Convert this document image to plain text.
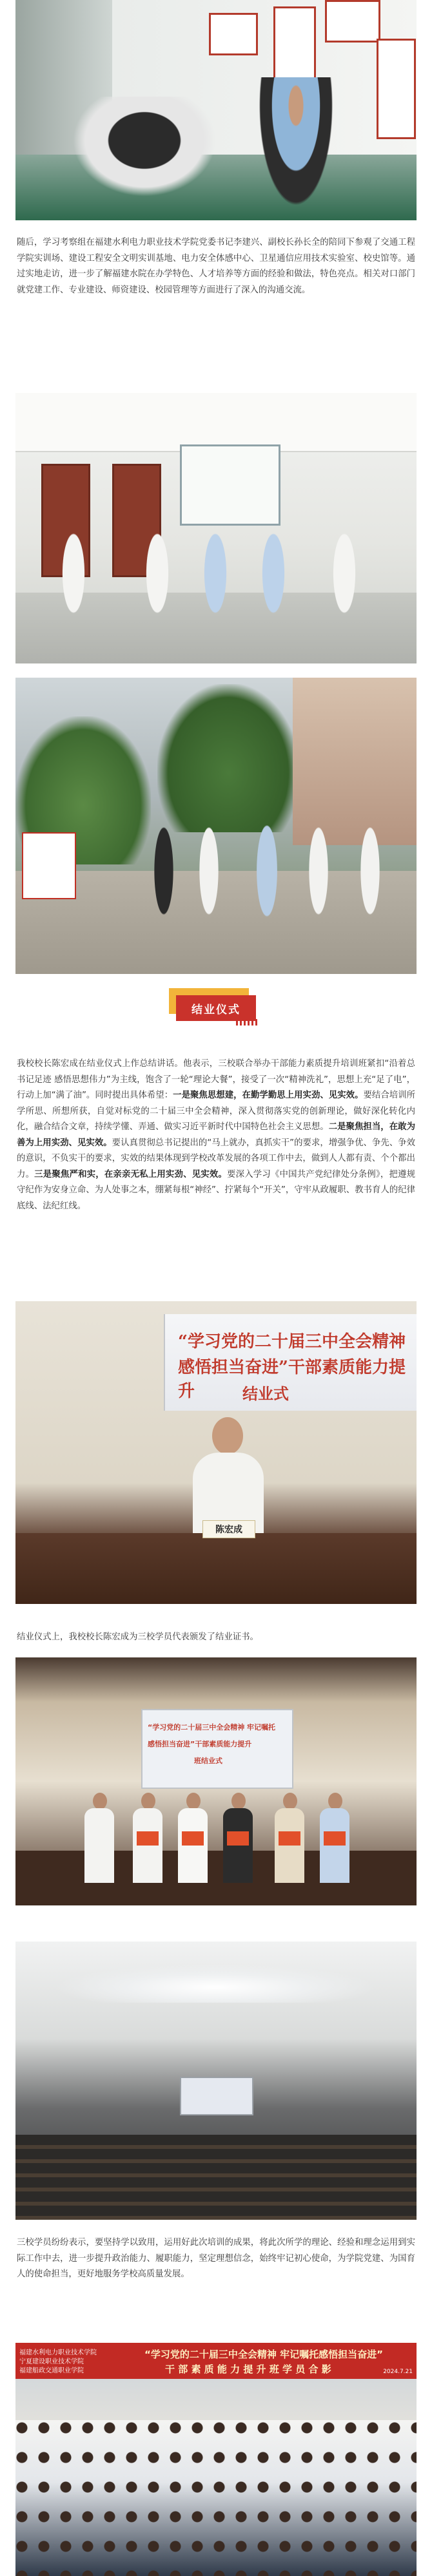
随后，学习考察组在福建水利电力职业技术学院党委书记李建兴、副校长孙长全的陪同下参观了交通工程学院实训场、建设工程安全文明实训基地、电力安全体感中心、卫星通信应用技术实验室、校史馆等。通过实地走访，进一步了解福建水院在办学特色、人才培养等方面的经验和做法，特色亮点。相关对口部门就党建工作、专业建设、师资建设、校园管理等方面进行了深入的沟通交流。

结业仪式

我校校长陈宏成在结业仪式上作总结讲话。他表示，三校联合举办干部能力素质提升培训班紧扣“沿着总书记足迹 感悟思想伟力”为主线，饱含了一轮“理论大餐”，接受了一次“精神洗礼”，思想上充“足了电”，行动上加“满了油”。同时提出具体希望：一是聚焦思想建，在勤学勤思上用实劲、见实效。要结合培训所学所思、所想所获，自觉对标党的二十届三中全会精神，深入贯彻落实党的创新理论，做好深化转化内化，融合结合文章，持续学懂、弄通、做实习近平新时代中国特色社会主义思想。二是聚焦担当，在敢为善为上用实劲、见实效。要认真贯彻总书记提出的“马上就办，真抓实干”的要求，增强争优、争先、争效的意识，不负实干的要求，实效的结果体现到学校改革发展的各项工作中去，做到人人都有责、个个都出力。三是聚焦严和实，在亲亲无私上用实劲、见实效。要深入学习《中国共产党纪律处分条例》，把遵规守纪作为安身立命、为人处事之本，绷紧每根“神经”、拧紧每个“开关”，守牢从政履职、教书育人的纪律底线、法纪红线。

“学习党的二十届三中全会精神
感悟担当奋进”干部素质能力提升	结业式
陈宏成

结业仪式上，我校校长陈宏成为三校学员代表颁发了结业证书。

“学习党的二十届三中全会精神 牢记嘱托
感悟担当奋进”干部素质能力提升
班结业式

三校学员纷纷表示，要坚持学以致用，运用好此次培训的成果，将此次所学的理论、经验和理念运用到实际工作中去，进一步提升政治能力、履职能力，坚定理想信念，始终牢记初心使命，为学院党建、为国育人的使命担当，更好地服务学校高质量发展。

福建水利电力职业技术学院
宁夏建设职业技术学院
福建船政交通职业学院
“学习党的二十届三中全会精神 牢记嘱托感悟担当奋进”
干 部 素 质 能 力 提 升 班 学 员 合 影	2024.7.21
